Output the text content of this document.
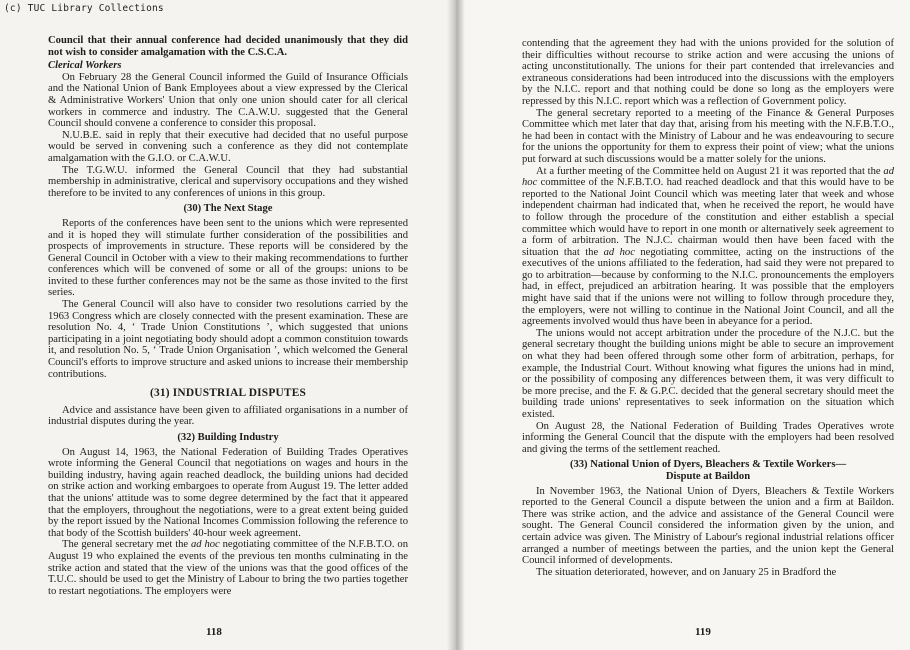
Council that their annual conference had decided unanimously that they did not wish to consider amalgamation with the C.S.C.A.

Clerical Workers

On February 28 the General Council informed the Guild of Insurance Officials and the National Union of Bank Employees about a view expressed by the Clerical & Administrative Workers' Union that only one union should cater for all clerical workers in commerce and industry. The C.A.W.U. suggested that the General Council should convene a conference to consider this proposal.

N.U.B.E. said in reply that their executive had decided that no useful purpose would be served in convening such a conference as they did not contemplate amalgamation with the G.I.O. or C.A.W.U.

The T.G.W.U. informed the General Council that they had substantial membership in administrative, clerical and supervisory occupations and they wished therefore to be invited to any conferences of unions in this group.

(30) The Next Stage

Reports of the conferences have been sent to the unions which were represented and it is hoped they will stimulate further consideration of the possibilities and prospects of improvements in structure. These reports will be considered by the General Council in October with a view to their making recommendations to further conferences which will be convened of some or all of the groups: unions to be invited to these further conferences may not be the same as those invited to the first series.

The General Council will also have to consider two resolutions carried by the 1963 Congress which are closely connected with the present examination. These are resolution No. 4, ‘ Trade Union Constitutions ’, which suggested that unions participating in a joint negotiating body should adopt a common constituion towards it, and resolution No. 5, ‘ Trade Union Organisation ’, which welcomed the General Council's efforts to improve structure and asked unions to increase their membership contributions.

(31) INDUSTRIAL DISPUTES

Advice and assistance have been given to affiliated organisations in a number of industrial disputes during the year.

(32) Building Industry

On August 14, 1963, the National Federation of Building Trades Operatives wrote informing the General Council that negotiations on wages and hours in the building industry, having again reached deadlock, the building unions had decided on strike action and working embargoes to operate from August 19. The letter added that the unions' attitude was to some degree determined by the fact that it appeared that the employers, throughout the negotiations, were to a great extent being guided by the report issued by the National Incomes Commission following the reference to that body of the Scottish builders' 40-hour week agreement.

The general secretary met the ad hoc negotiating committee of the N.F.B.T.O. on August 19 who explained the events of the previous ten months culminating in the strike action and stated that the view of the unions was that the good offices of the T.U.C. should be used to get the Ministry of Labour to bring the two parties together to restart negotiations. The employers were

118

contending that the agreement they had with the unions provided for the solution of their difficulties without recourse to strike action and were accusing the unions of acting unconstitutionally. The unions for their part contended that irrelevancies and extraneous considerations had been introduced into the discussions with the employers by the N.I.C. report and that nothing could be done so long as the employers were repressed by this N.I.C. report which was a reflection of Government policy.

The general secretary reported to a meeting of the Finance & General Purposes Committee which met later that day that, arising from his meeting with the N.F.B.T.O., he had been in contact with the Ministry of Labour and he was endeavouring to secure for the unions the opportunity for them to express their point of view; what the unions put forward at such discussions would be a matter solely for the unions.

At a further meeting of the Committee held on August 21 it was reported that the ad hoc committee of the N.F.B.T.O. had reached deadlock and that this would have to be reported to the National Joint Council which was meeting later that week and whose independent chairman had indicated that, when he received the report, he would have to follow through the procedure of the constitution and either establish a special committee which would have to report in one month or alternatively seek agreement to a form of arbitration. The N.J.C. chairman would then have been faced with the situation that the ad hoc negotiating committee, acting on the instructions of the executives of the unions affiliated to the federation, had said they were not prepared to go to arbitration—because by conforming to the N.I.C. pronouncements the employers had, in effect, prejudiced an arbitration hearing. It was possible that the employers might have said that if the unions were not willing to follow through procedure they, the employers, were not willing to continue in the National Joint Council, and all the agreements involved would thus have been in abeyance for a period.

The unions would not accept arbitration under the procedure of the N.J.C. but the general secretary thought the building unions might be able to secure an improvement on what they had been offered through some other form of arbitration, perhaps, for example, the Industrial Court. Without knowing what figures the unions had in mind, or the possibility of composing any differences between them, it was very difficult to be more precise, and the F. & G.P.C. decided that the general secretary should meet the building trade unions' representatives to seek information on the situation which existed.

On August 28, the National Federation of Building Trades Operatives wrote informing the General Council that the dispute with the employers had been resolved and giving the terms of the settlement reached.

(33) National Union of Dyers, Bleachers & Textile Workers—
Dispute at Baildon

In November 1963, the National Union of Dyers, Bleachers & Textile Workers reported to the General Council a dispute between the union and a firm at Baildon. There was strike action, and the advice and assistance of the General Council were sought. The General Council considered the information given by the union, and certain advice was given. The Ministry of Labour's regional industrial relations officer arranged a number of meetings between the parties, and the union kept the General Council informed of developments.

The situation deteriorated, however, and on January 25 in Bradford the

119
(c) TUC Library Collections
